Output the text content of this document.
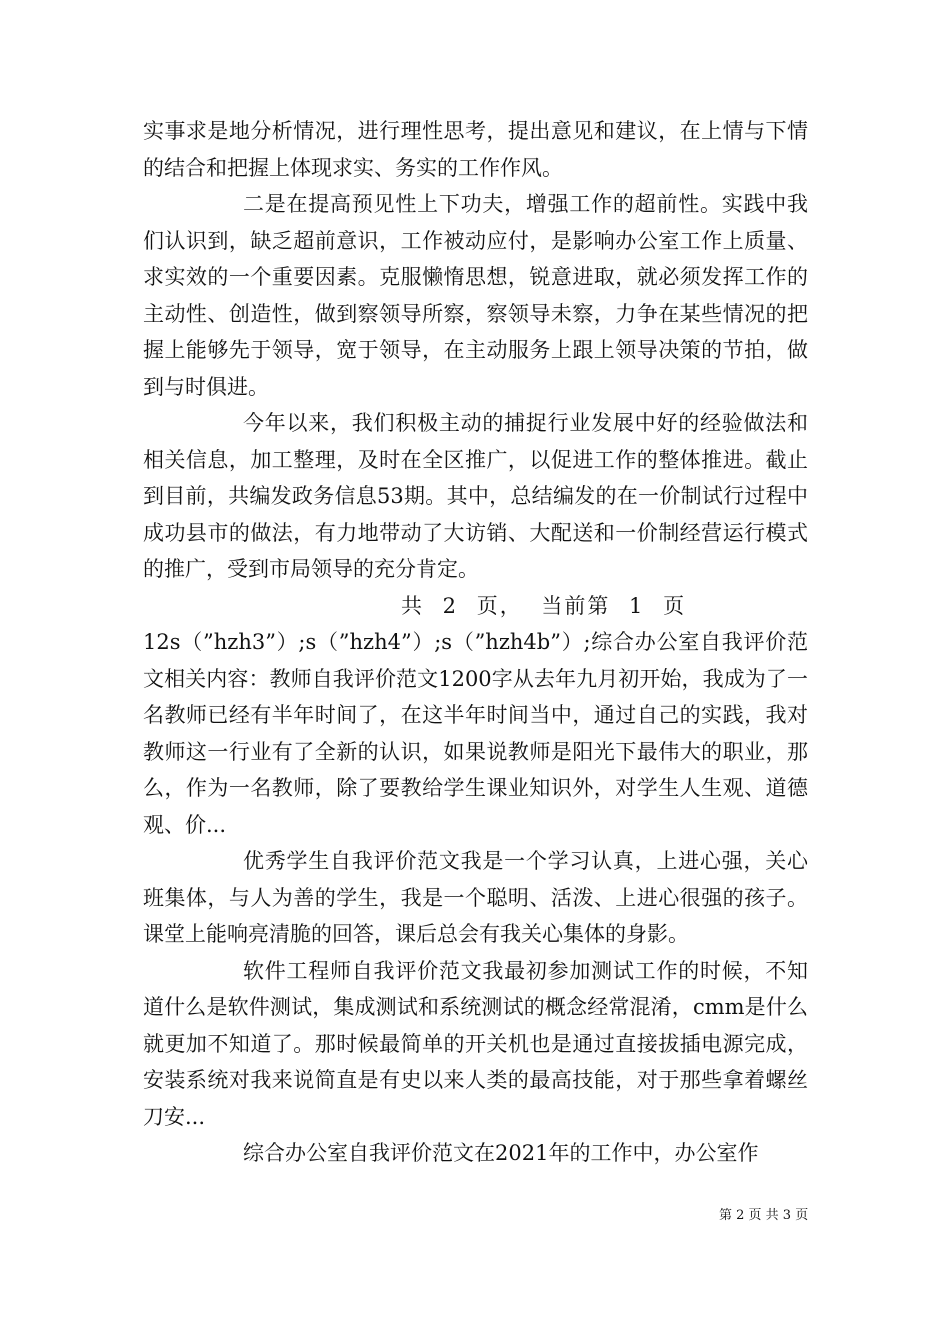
实事求是地分析情况，进行理性思考，提出意见和建议，在上情与下情的结合和把握上体现求实、务实的工作作风。

二是在提高预见性上下功夫，增强工作的超前性。实践中我们认识到，缺乏超前意识，工作被动应付，是影响办公室工作上质量、求实效的一个重要因素。克服懒惰思想，锐意进取，就必须发挥工作的主动性、创造性，做到察领导所察，察领导未察，力争在某些情况的把握上能够先于领导，宽于领导，在主动服务上跟上领导决策的节拍，做到与时俱进。

今年以来，我们积极主动的捕捉行业发展中好的经验做法和相关信息，加工整理，及时在全区推广，以促进工作的整体推进。截止到目前，共编发政务信息53期。其中，总结编发的在一价制试行过程中成功县市的做法，有力地带动了大访销、大配送和一价制经营运行模式的推广，受到市局领导的充分肯定。

共 2 页， 当前第 1 页

12s（”hzh3”）;s（”hzh4”）;s（”hzh4b”）;综合办公室自我评价范文相关内容：教师自我评价范文1200字从去年九月初开始，我成为了一名教师已经有半年时间了，在这半年时间当中，通过自己的实践，我对教师这一行业有了全新的认识，如果说教师是阳光下最伟大的职业，那么，作为一名教师，除了要教给学生课业知识外，对学生人生观、道德观、价...

优秀学生自我评价范文我是一个学习认真，上进心强，关心班集体，与人为善的学生，我是一个聪明、活泼、上进心很强的孩子。课堂上能响亮清脆的回答，课后总会有我关心集体的身影。

软件工程师自我评价范文我最初参加测试工作的时候，不知道什么是软件测试，集成测试和系统测试的概念经常混淆，cmm是什么就更加不知道了。那时候最简单的开关机也是通过直接拔插电源完成，安装系统对我来说简直是有史以来人类的最高技能，对于那些拿着螺丝刀安...

综合办公室自我评价范文在2021年的工作中，办公室作

第 2 页 共 3 页
